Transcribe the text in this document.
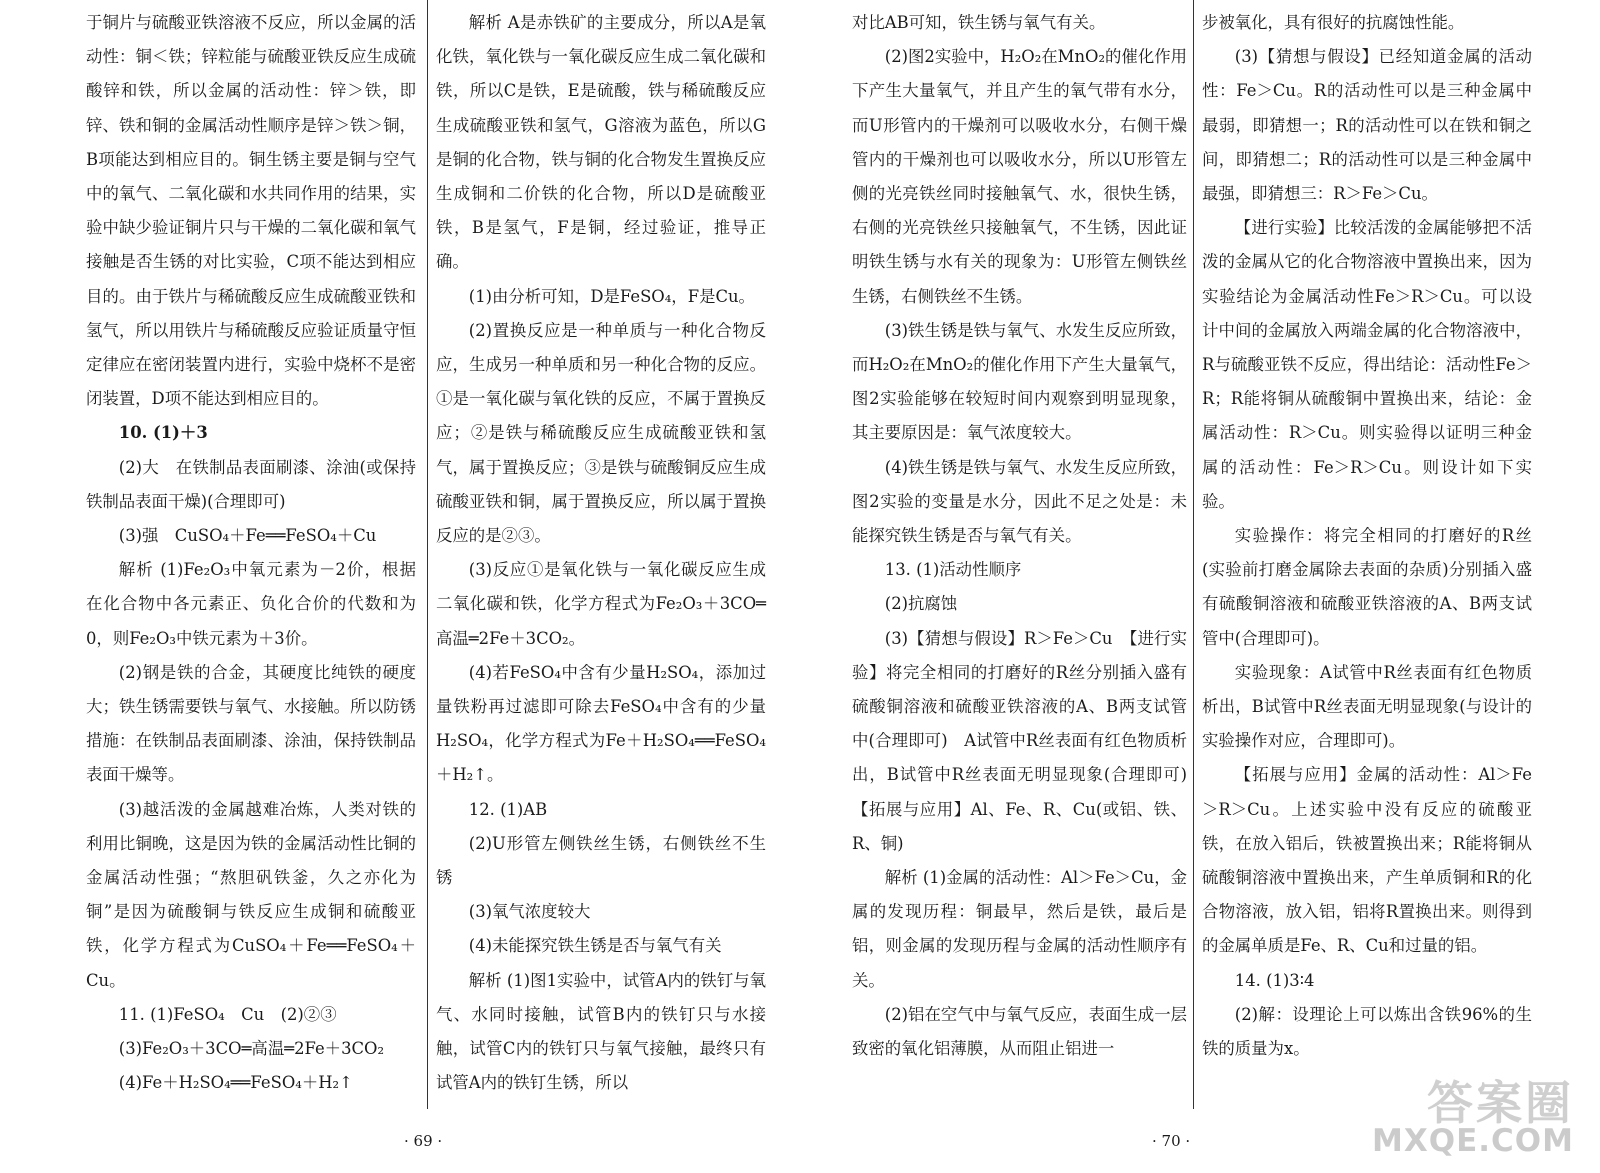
于铜片与硫酸亚铁溶液不反应，所以金属的活动性：铜＜铁；锌粒能与硫酸亚铁反应生成硫酸锌和铁，所以金属的活动性：锌＞铁，即锌、铁和铜的金属活动性顺序是锌＞铁＞铜，B项能达到相应目的。铜生锈主要是铜与空气中的氧气、二氧化碳和水共同作用的结果，实验中缺少验证铜片只与干燥的二氧化碳和氧气接触是否生锈的对比实验，C项不能达到相应目的。由于铁片与稀硫酸反应生成硫酸亚铁和氢气，所以用铁片与稀硫酸反应验证质量守恒定律应在密闭装置内进行，实验中烧杯不是密闭装置，D项不能达到相应目的。

10. (1)＋3

(2)大　在铁制品表面刷漆、涂油(或保持铁制品表面干燥)(合理即可)

(3)强　CuSO₄＋Fe══FeSO₄＋Cu

解析 (1)Fe₂O₃中氧元素为－2价，根据在化合物中各元素正、负化合价的代数和为0，则Fe₂O₃中铁元素为＋3价。

(2)钢是铁的合金，其硬度比纯铁的硬度大；铁生锈需要铁与氧气、水接触。所以防锈措施：在铁制品表面刷漆、涂油，保持铁制品表面干燥等。

(3)越活泼的金属越难冶炼，人类对铁的利用比铜晚，这是因为铁的金属活动性比铜的金属活动性强；“熬胆矾铁釜，久之亦化为铜”是因为硫酸铜与铁反应生成铜和硫酸亚铁，化学方程式为CuSO₄＋Fe══FeSO₄＋Cu。

11. (1)FeSO₄　Cu　(2)②③

(3)Fe₂O₃＋3CO═高温═2Fe＋3CO₂

(4)Fe＋H₂SO₄══FeSO₄＋H₂↑

解析 A是赤铁矿的主要成分，所以A是氧化铁，氧化铁与一氧化碳反应生成二氧化碳和铁，所以C是铁，E是硫酸，铁与稀硫酸反应生成硫酸亚铁和氢气，G溶液为蓝色，所以G是铜的化合物，铁与铜的化合物发生置换反应生成铜和二价铁的化合物，所以D是硫酸亚铁，B是氢气，F是铜，经过验证，推导正确。

(1)由分析可知，D是FeSO₄，F是Cu。

(2)置换反应是一种单质与一种化合物反应，生成另一种单质和另一种化合物的反应。①是一氧化碳与氧化铁的反应，不属于置换反应；②是铁与稀硫酸反应生成硫酸亚铁和氢气，属于置换反应；③是铁与硫酸铜反应生成硫酸亚铁和铜，属于置换反应，所以属于置换反应的是②③。

(3)反应①是氧化铁与一氧化碳反应生成二氧化碳和铁，化学方程式为Fe₂O₃＋3CO═高温═2Fe＋3CO₂。

(4)若FeSO₄中含有少量H₂SO₄，添加过量铁粉再过滤即可除去FeSO₄中含有的少量H₂SO₄，化学方程式为Fe＋H₂SO₄══FeSO₄＋H₂↑。

12. (1)AB

(2)U形管左侧铁丝生锈，右侧铁丝不生锈

(3)氧气浓度较大

(4)未能探究铁生锈是否与氧气有关

解析 (1)图1实验中，试管A内的铁钉与氧气、水同时接触，试管B内的铁钉只与水接触，试管C内的铁钉只与氧气接触，最终只有试管A内的铁钉生锈，所以

对比AB可知，铁生锈与氧气有关。

(2)图2实验中，H₂O₂在MnO₂的催化作用下产生大量氧气，并且产生的氧气带有水分，而U形管内的干燥剂可以吸收水分，右侧干燥管内的干燥剂也可以吸收水分，所以U形管左侧的光亮铁丝同时接触氧气、水，很快生锈，右侧的光亮铁丝只接触氧气，不生锈，因此证明铁生锈与水有关的现象为：U形管左侧铁丝生锈，右侧铁丝不生锈。

(3)铁生锈是铁与氧气、水发生反应所致，而H₂O₂在MnO₂的催化作用下产生大量氧气，图2实验能够在较短时间内观察到明显现象，其主要原因是：氧气浓度较大。

(4)铁生锈是铁与氧气、水发生反应所致，图2实验的变量是水分，因此不足之处是：未能探究铁生锈是否与氧气有关。

13. (1)活动性顺序

(2)抗腐蚀

(3)【猜想与假设】R＞Fe＞Cu　【进行实验】将完全相同的打磨好的R丝分别插入盛有硫酸铜溶液和硫酸亚铁溶液的A、B两支试管中(合理即可)　A试管中R丝表面有红色物质析出，B试管中R丝表面无明显现象(合理即可)　【拓展与应用】Al、Fe、R、Cu(或铝、铁、R、铜)

解析 (1)金属的活动性：Al＞Fe＞Cu，金属的发现历程：铜最早，然后是铁，最后是铝，则金属的发现历程与金属的活动性顺序有关。

(2)铝在空气中与氧气反应，表面生成一层致密的氧化铝薄膜，从而阻止铝进一

步被氧化，具有很好的抗腐蚀性能。

(3)【猜想与假设】已经知道金属的活动性：Fe＞Cu。R的活动性可以是三种金属中最弱，即猜想一；R的活动性可以在铁和铜之间，即猜想二；R的活动性可以是三种金属中最强，即猜想三：R＞Fe＞Cu。

【进行实验】比较活泼的金属能够把不活泼的金属从它的化合物溶液中置换出来，因为实验结论为金属活动性Fe＞R＞Cu。可以设计中间的金属放入两端金属的化合物溶液中，R与硫酸亚铁不反应，得出结论：活动性Fe＞R；R能将铜从硫酸铜中置换出来，结论：金属活动性：R＞Cu。则实验得以证明三种金属的活动性：Fe＞R＞Cu。则设计如下实验。

实验操作：将完全相同的打磨好的R丝(实验前打磨金属除去表面的杂质)分别插入盛有硫酸铜溶液和硫酸亚铁溶液的A、B两支试管中(合理即可)。

实验现象：A试管中R丝表面有红色物质析出，B试管中R丝表面无明显现象(与设计的实验操作对应，合理即可)。

【拓展与应用】金属的活动性：Al＞Fe＞R＞Cu。上述实验中没有反应的硫酸亚铁，在放入铝后，铁被置换出来；R能将铜从硫酸铜溶液中置换出来，产生单质铜和R的化合物溶液，放入铝，铝将R置换出来。则得到的金属单质是Fe、R、Cu和过量的铝。

14. (1)3∶4

(2)解：设理论上可以炼出含铁96%的生铁的质量为x。

· 69 ·	· 70 ·
答案圈
MXQE.COM
